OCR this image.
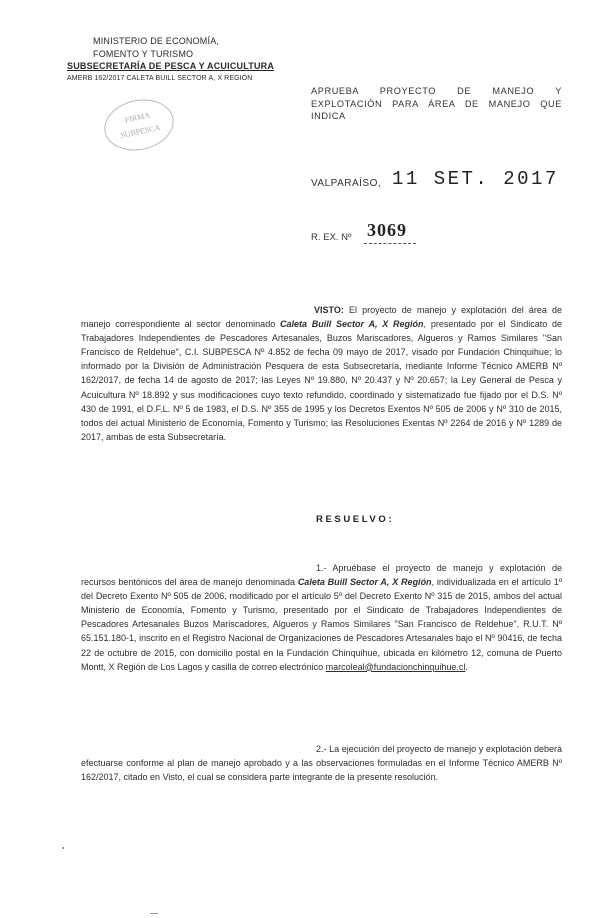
MINISTERIO DE ECONOMÍA,
FOMENTO Y TURISMO
SUBSECRETARÍA DE PESCA Y ACUICULTURA
AMERB 162/2017 CALETA BUILL SECTOR A, X REGIÓN
FIRMA
SUBPESCA
APRUEBA PROYECTO DE MANEJO Y EXPLOTACIÓN PARA ÁREA DE MANEJO QUE INDICA
VALPARAÍSO, 11 SET. 2017
R. EX. Nº 3069
VISTO: El proyecto de manejo y explotación del área de manejo correspondiente al sector denominado Caleta Buill Sector A, X Región, presentado por el Sindicato de Trabajadores Independientes de Pescadores Artesanales, Buzos Mariscadores, Algueros y Ramos Similares "San Francisco de Reldehue", C.I. SUBPESCA Nº 4.852 de fecha 09 mayo de 2017, visado por Fundación Chinquihue; lo informado por la División de Administración Pesquera de esta Subsecretaría, mediante Informe Técnico AMERB Nº 162/2017, de fecha 14 de agosto de 2017; las Leyes Nº 19.880, Nº 20.437 y Nº 20.657; la Ley General de Pesca y Acuicultura Nº 18.892 y sus modificaciones cuyo texto refundido, coordinado y sistematizado fue fijado por el D.S. Nº 430 de 1991, el D.F.L. Nº 5 de 1983, el D.S. Nº 355 de 1995 y los Decretos Exentos Nº 505 de 2006 y Nº 310 de 2015, todos del actual Ministerio de Economía, Fomento y Turismo; las Resoluciones Exentas Nº 2264 de 2016 y Nº 1289 de 2017, ambas de esta Subsecretaría.
RESUELVO:
1.- Apruébase el proyecto de manejo y explotación de recursos bentónicos del área de manejo denominada Caleta Buill Sector A, X Región, individualizada en el artículo 1º del Decreto Exento Nº 505 de 2006, modificado por el artículo 5º del Decreto Exento Nº 315 de 2015, ambos del actual Ministerio de Economía, Fomento y Turismo, presentado por el Sindicato de Trabajadores Independientes de Pescadores Artesanales Buzos Mariscadores, Algueros y Ramos Similares "San Francisco de Reldehue", R.U.T. Nº 65.151.180-1, inscrito en el Registro Nacional de Organizaciones de Pescadores Artesanales bajo el Nº 90416, de fecha 22 de octubre de 2015, con domicilio postal en la Fundación Chinquihue, ubicada en kilómetro 12, comuna de Puerto Montt, X Región de Los Lagos y casilla de correo electrónico marcoleal@fundacionchinquihue.cl.
2.- La ejecución del proyecto de manejo y explotación deberá efectuarse conforme al plan de manejo aprobado y a las observaciones formuladas en el Informe Técnico AMERB Nº 162/2017, citado en Visto, el cual se considera parte integrante de la presente resolución.
